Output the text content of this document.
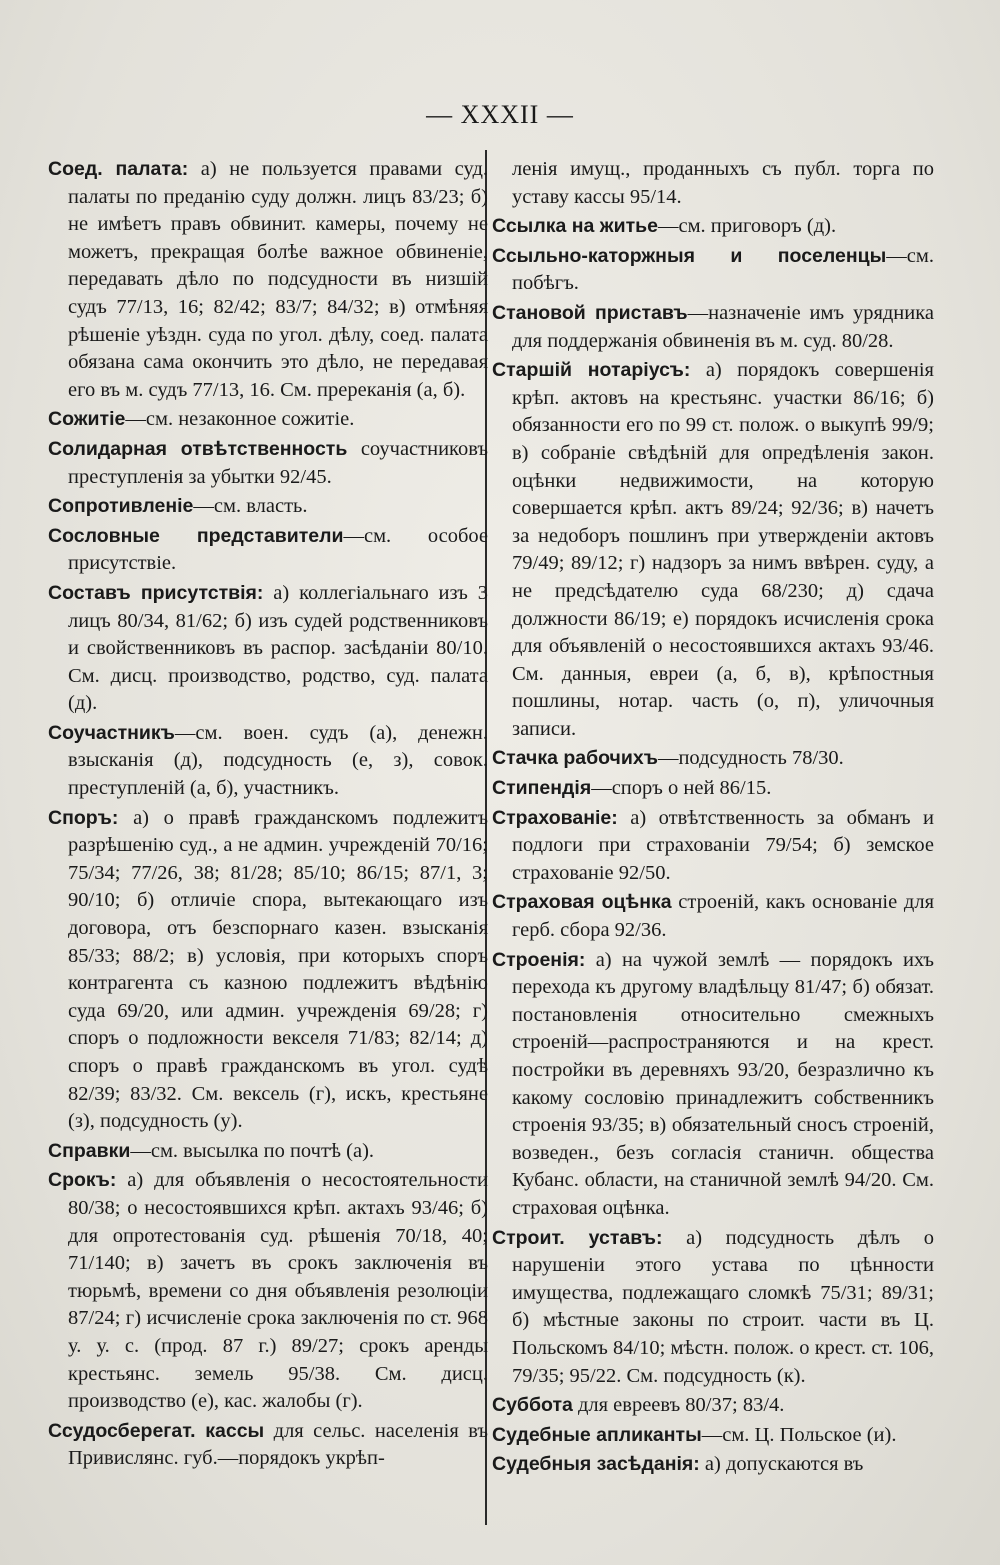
— XXXII —

Соед. палата: а) не пользуется правами суд. палаты по преданію суду должн. лицъ 83/23; б) не имѣетъ правъ обвинит. камеры, почему не можетъ, прекращая болѣе важное обвиненіе, передавать дѣло по подсудности въ низшій судъ 77/13, 16; 82/42; 83/7; 84/32; в) отмѣняя рѣшеніе уѣздн. суда по угол. дѣлу, соед. палата обязана сама окончить это дѣло, не передавая его въ м. судъ 77/13, 16. См. пререканія (а, б).

Сожитіе—см. незаконное сожитіе.

Солидарная отвѣтственность соучастниковъ преступленія за убытки 92/45.

Сопротивленіе—см. власть.

Сословные представители—см. особое присутствіе.

Составъ присутствія: а) коллегіальнаго изъ 3 лицъ 80/34, 81/62; б) изъ судей родственниковъ и свойственниковъ въ распор. засѣданіи 80/10. См. дисц. производство, родство, суд. палата (д).

Соучастникъ—см. воен. судъ (а), денежн. взысканія (д), подсудность (е, з), совок. преступленій (а, б), участникъ.

Споръ: а) о правѣ гражданскомъ подлежитъ разрѣшенію суд., а не админ. учрежденій 70/16; 75/34; 77/26, 38; 81/28; 85/10; 86/15; 87/1, 3; 90/10; б) отличіе спора, вытекающаго изъ договора, отъ безспорнаго казен. взысканія 85/33; 88/2; в) условія, при которыхъ споръ контрагента съ казною подлежитъ вѣдѣнію суда 69/20, или админ. учрежденія 69/28; г) споръ о подложности векселя 71/83; 82/14; д) споръ о правѣ гражданскомъ въ угол. судѣ 82/39; 83/32. См. вексель (г), искъ, крестьяне (з), подсудность (у).

Справки—см. высылка по почтѣ (а).

Срокъ: а) для объявленія о несостоятельности 80/38; о несостоявшихся крѣп. актахъ 93/46; б) для опротестованія суд. рѣшенія 70/18, 40; 71/140; в) зачетъ въ срокъ заключенія въ тюрьмѣ, времени со дня объявленія резолюціи 87/24; г) исчисленіе срока заключенія по ст. 968 у. у. с. (прод. 87 г.) 89/27; срокъ аренды крестьянс. земель 95/38. См. дисц. производство (е), кас. жалобы (г).

Ссудосберегат. кассы для сельс. населенія въ Привислянс. губ.—порядокъ укрѣп-

ленія имущ., проданныхъ съ публ. торга по уставу кассы 95/14.

Ссылка на житье—см. приговоръ (д).

Ссыльно-каторжныя и поселенцы—см. побѣгъ.

Становой приставъ—назначеніе имъ урядника для поддержанія обвиненія въ м. суд. 80/28.

Старшій нотаріусъ: а) порядокъ совершенія крѣп. актовъ на крестьянс. участки 86/16; б) обязанности его по 99 ст. полож. о выкупѣ 99/9; в) собраніе свѣдѣній для опредѣленія закон. оцѣнки недвижимости, на которую совершается крѣп. актъ 89/24; 92/36; в) начетъ за недоборъ пошлинъ при утвержденіи актовъ 79/49; 89/12; г) надзоръ за нимъ ввѣрен. суду, а не предсѣдателю суда 68/230; д) сдача должности 86/19; е) порядокъ исчисленія срока для объявленій о несостоявшихся актахъ 93/46. См. данныя, евреи (а, б, в), крѣпостныя пошлины, нотар. часть (о, п), уличочныя записи.

Стачка рабочихъ—подсудность 78/30.

Стипендія—споръ о ней 86/15.

Страхованіе: а) отвѣтственность за обманъ и подлоги при страхованіи 79/54; б) земское страхованіе 92/50.

Страховая оцѣнка строеній, какъ основаніе для герб. сбора 92/36.

Строенія: а) на чужой землѣ — порядокъ ихъ перехода къ другому владѣльцу 81/47; б) обязат. постановленія относительно смежныхъ строеній—распространяются и на крест. постройки въ деревняхъ 93/20, безразлично къ какому сословію принадлежитъ собственникъ строенія 93/35; в) обязательный сносъ строеній, возведен., безъ согласія станичн. общества Кубанс. области, на станичной землѣ 94/20. См. страховая оцѣнка.

Строит. уставъ: а) подсудность дѣлъ о нарушеніи этого устава по цѣнности имущества, подлежащаго сломкѣ 75/31; 89/31; б) мѣстные законы по строит. части въ Ц. Польскомъ 84/10; мѣстн. полож. о крест. ст. 106, 79/35; 95/22. См. подсудность (к).

Суббота для евреевъ 80/37; 83/4.

Судебные апликанты—см. Ц. Польское (и).

Судебныя засѣданія: а) допускаются въ
